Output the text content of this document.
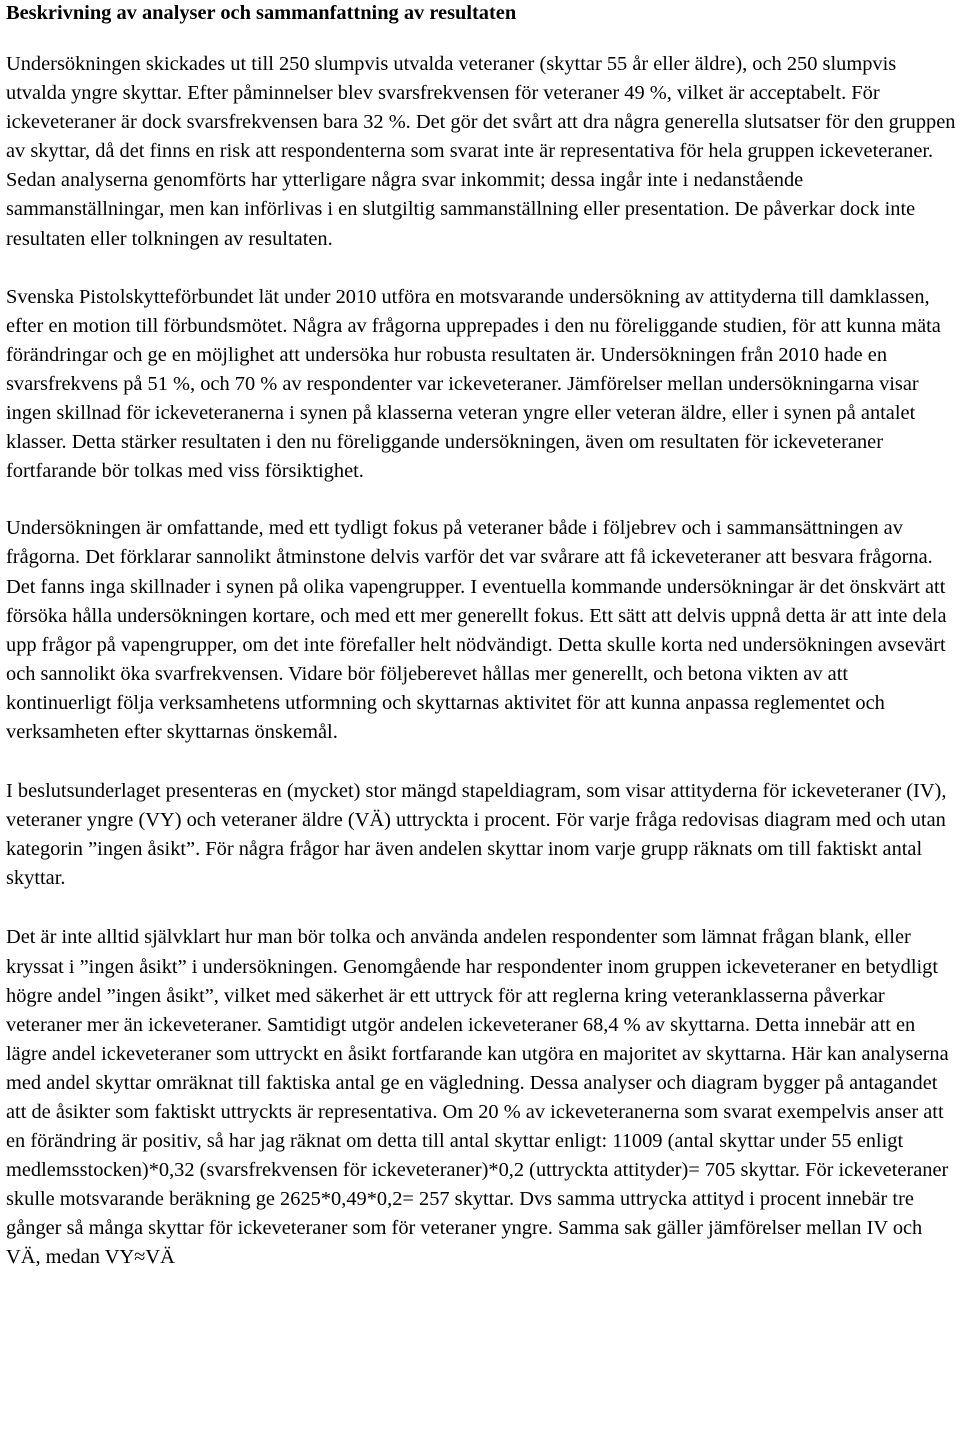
Beskrivning av analyser och sammanfattning av resultaten

Undersökningen skickades ut till 250 slumpvis utvalda veteraner (skyttar 55 år eller äldre), och 250 slumpvis utvalda yngre skyttar. Efter påminnelser blev svarsfrekvensen för veteraner 49 %, vilket är acceptabelt. För ickeveteraner är dock svarsfrekvensen bara 32 %. Det gör det svårt att dra några generella slutsatser för den gruppen av skyttar, då det finns en risk att respondenterna som svarat inte är representativa för hela gruppen ickeveteraner. Sedan analyserna genomförts har ytterligare några svar inkommit; dessa ingår inte i nedanstående sammanställningar, men kan införlivas i en slutgiltig sammanställning eller presentation. De påverkar dock inte resultaten eller tolkningen av resultaten.

Svenska Pistolskytteförbundet lät under 2010 utföra en motsvarande undersökning av attityderna till damklassen, efter en motion till förbundsmötet. Några av frågorna upprepades i den nu föreliggande studien, för att kunna mäta förändringar och ge en möjlighet att undersöka hur robusta resultaten är. Undersökningen från 2010 hade en svarsfrekvens på 51 %, och 70 % av respondenter var ickeveteraner. Jämförelser mellan undersökningarna visar ingen skillnad för ickeveteranerna i synen på klasserna veteran yngre eller veteran äldre, eller i synen på antalet klasser. Detta stärker resultaten i den nu föreliggande undersökningen, även om resultaten för ickeveteraner fortfarande bör tolkas med viss försiktighet.

Undersökningen är omfattande, med ett tydligt fokus på veteraner både i följebrev och i sammansättningen av frågorna. Det förklarar sannolikt åtminstone delvis varför det var svårare att få ickeveteraner att besvara frågorna. Det fanns inga skillnader i synen på olika vapengrupper. I eventuella kommande undersökningar är det önskvärt att försöka hålla undersökningen kortare, och med ett mer generellt fokus. Ett sätt att delvis uppnå detta är att inte dela upp frågor på vapengrupper, om det inte förefaller helt nödvändigt. Detta skulle korta ned undersökningen avsevärt och sannolikt öka svarfrekvensen. Vidare bör följeberevet hållas mer generellt, och betona vikten av att kontinuerligt följa verksamhetens utformning och skyttarnas aktivitet för att kunna anpassa reglementet och verksamheten efter skyttarnas önskemål.

I beslutsunderlaget presenteras en (mycket) stor mängd stapeldiagram, som visar attityderna för ickeveteraner (IV), veteraner yngre (VY) och veteraner äldre (VÄ) uttryckta i procent. För varje fråga redovisas diagram med och utan kategorin ”ingen åsikt”. För några frågor har även andelen skyttar inom varje grupp räknats om till faktiskt antal skyttar.

Det är inte alltid självklart hur man bör tolka och använda andelen respondenter som lämnat frågan blank, eller kryssat i ”ingen åsikt” i undersökningen. Genomgående har respondenter inom gruppen ickeveteraner en betydligt högre andel ”ingen åsikt”, vilket med säkerhet är ett uttryck för att reglerna kring veteranklasserna påverkar veteraner mer än ickeveteraner. Samtidigt utgör andelen ickeveteraner 68,4 % av skyttarna. Detta innebär att en lägre andel ickeveteraner som uttryckt en åsikt fortfarande kan utgöra en majoritet av skyttarna. Här kan analyserna med andel skyttar omräknat till faktiska antal ge en vägledning. Dessa analyser och diagram bygger på antagandet att de åsikter som faktiskt uttryckts är representativa. Om 20 % av ickeveteranerna som svarat exempelvis anser att en förändring är positiv, så har jag räknat om detta till antal skyttar enligt: 11009 (antal skyttar under 55 enligt medlemsstocken)*0,32 (svarsfrekvensen för ickeveteraner)*0,2 (uttryckta attityder)= 705 skyttar. För ickeveteraner skulle motsvarande beräkning ge 2625*0,49*0,2= 257 skyttar. Dvs samma uttrycka attityd i procent innebär tre gånger så många skyttar för ickeveteraner som för veteraner yngre. Samma sak gäller jämförelser mellan IV och VÄ, medan VY≈VÄ
